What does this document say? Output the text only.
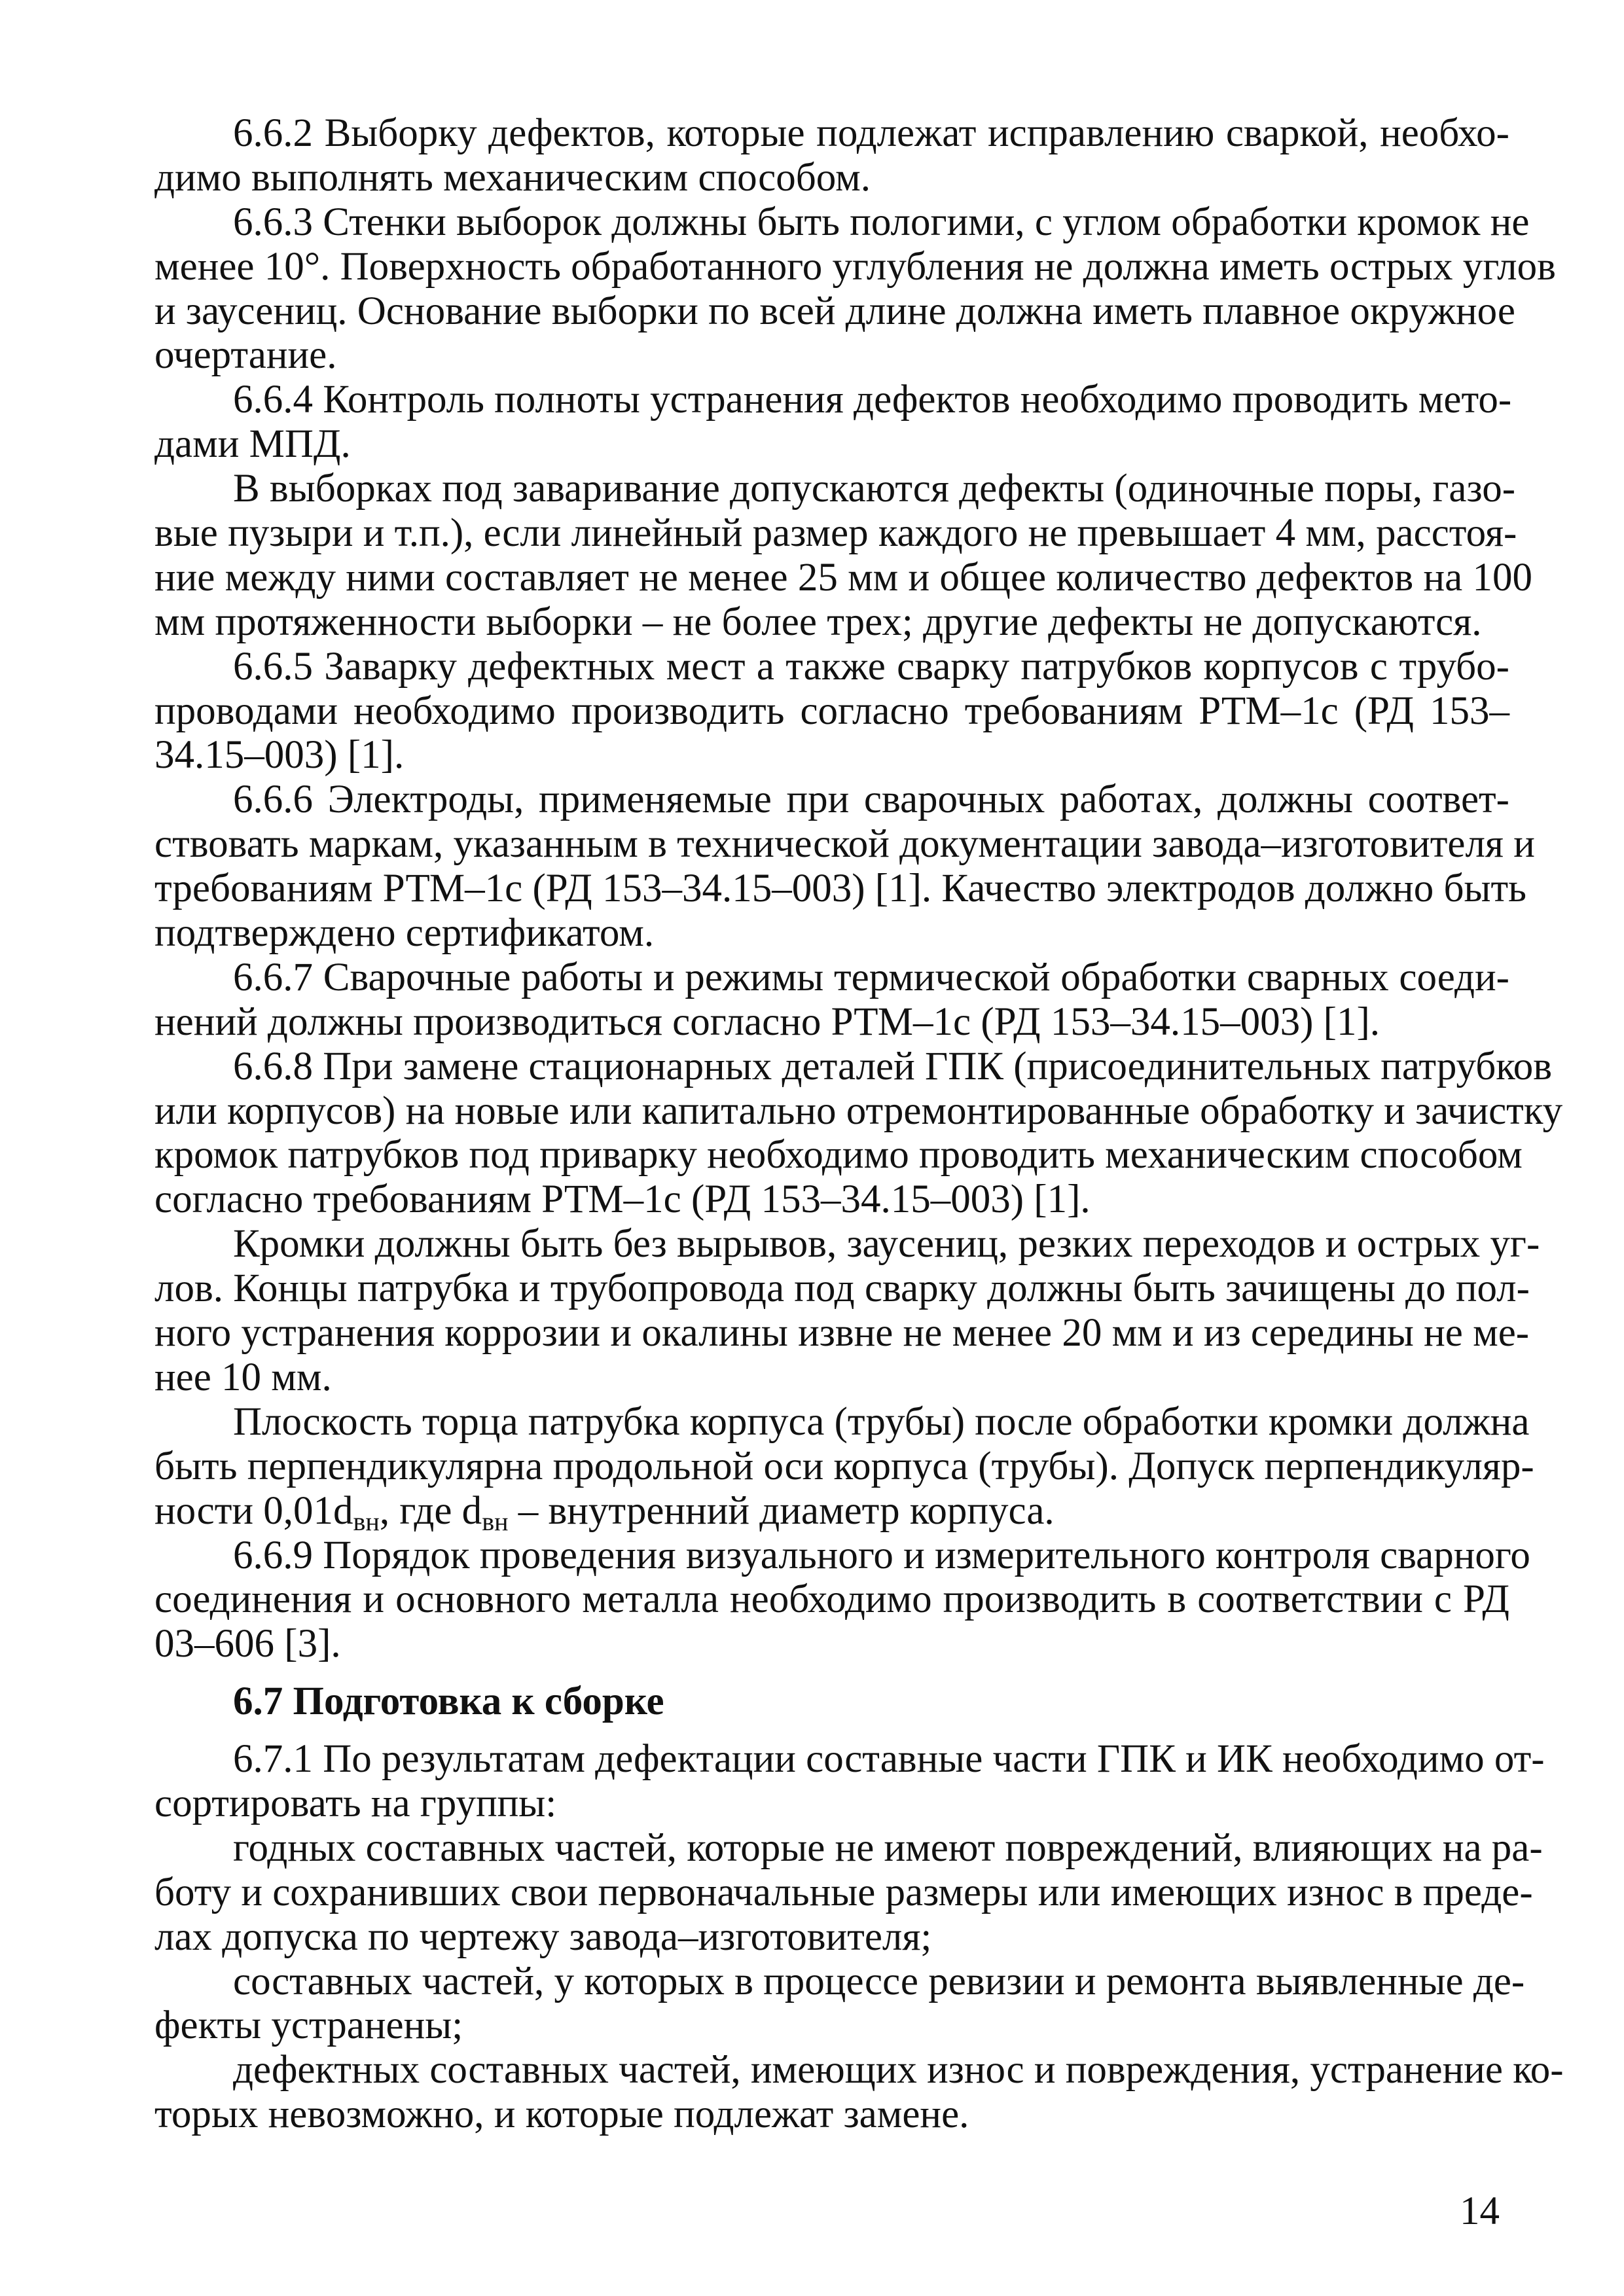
6.6.2 Выборку дефектов, которые подлежат исправлению сваркой, необхо-
димо выполнять механическим способом.
6.6.3 Стенки выборок должны быть пологими, с углом обработки кромок не
менее 10°. Поверхность обработанного углубления не должна иметь острых углов
и заусениц. Основание выборки по всей длине должна иметь плавное окружное
очертание.
6.6.4 Контроль полноты устранения дефектов необходимо проводить мето-
дами МПД.
В выборках под заваривание допускаются дефекты (одиночные поры, газо-
вые пузыри и т.п.), если линейный размер каждого не превышает 4 мм, расстоя-
ние между ними составляет не менее 25 мм и общее количество дефектов на 100
мм протяженности выборки – не более трех; другие дефекты не допускаются.
6.6.5 Заварку дефектных мест а также сварку патрубков корпусов с трубо-
проводами необходимо производить согласно требованиям РТМ–1с (РД 153–
34.15–003) [1].
6.6.6 Электроды, применяемые при сварочных работах, должны соответ-
ствовать маркам, указанным в технической документации завода–изготовителя и
требованиям РТМ–1с (РД 153–34.15–003) [1]. Качество электродов должно быть
подтверждено сертификатом.
6.6.7 Сварочные работы и режимы термической обработки сварных соеди-
нений должны производиться согласно РТМ–1с (РД 153–34.15–003) [1].
6.6.8 При замене стационарных деталей ГПК (присоединительных патрубков
или корпусов) на новые или капитально отремонтированные обработку и зачистку
кромок патрубков под приварку необходимо проводить механическим способом
согласно требованиям РТМ–1с (РД 153–34.15–003) [1].
Кромки должны быть без вырывов, заусениц, резких переходов и острых уг-
лов. Концы патрубка и трубопровода под сварку должны быть зачищены до пол-
ного устранения коррозии и окалины извне не менее 20 мм и из середины не ме-
нее 10 мм.
Плоскость торца патрубка корпуса (трубы) после обработки кромки должна
быть перпендикулярна продольной оси корпуса (трубы). Допуск перпендикуляр-
ности $0,01d_{вн}$, где $d_{вн}$ – внутренний диаметр корпуса.
6.6.9 Порядок проведения визуального и измерительного контроля сварного
соединения и основного металла необходимо производить в соответствии с РД
03–606 [3].
6.7 Подготовка к сборке
6.7.1 По результатам дефектации составные части ГПК и ИК необходимо от-
сортировать на группы:
годных составных частей, которые не имеют повреждений, влияющих на ра-
боту и сохранивших свои первоначальные размеры или имеющих износ в преде-
лах допуска по чертежу завода–изготовителя;
составных частей, у которых в процессе ревизии и ремонта выявленные де-
фекты устранены;
дефектных составных частей, имеющих износ и повреждения, устранение ко-
торых невозможно, и которые подлежат замене.
14
